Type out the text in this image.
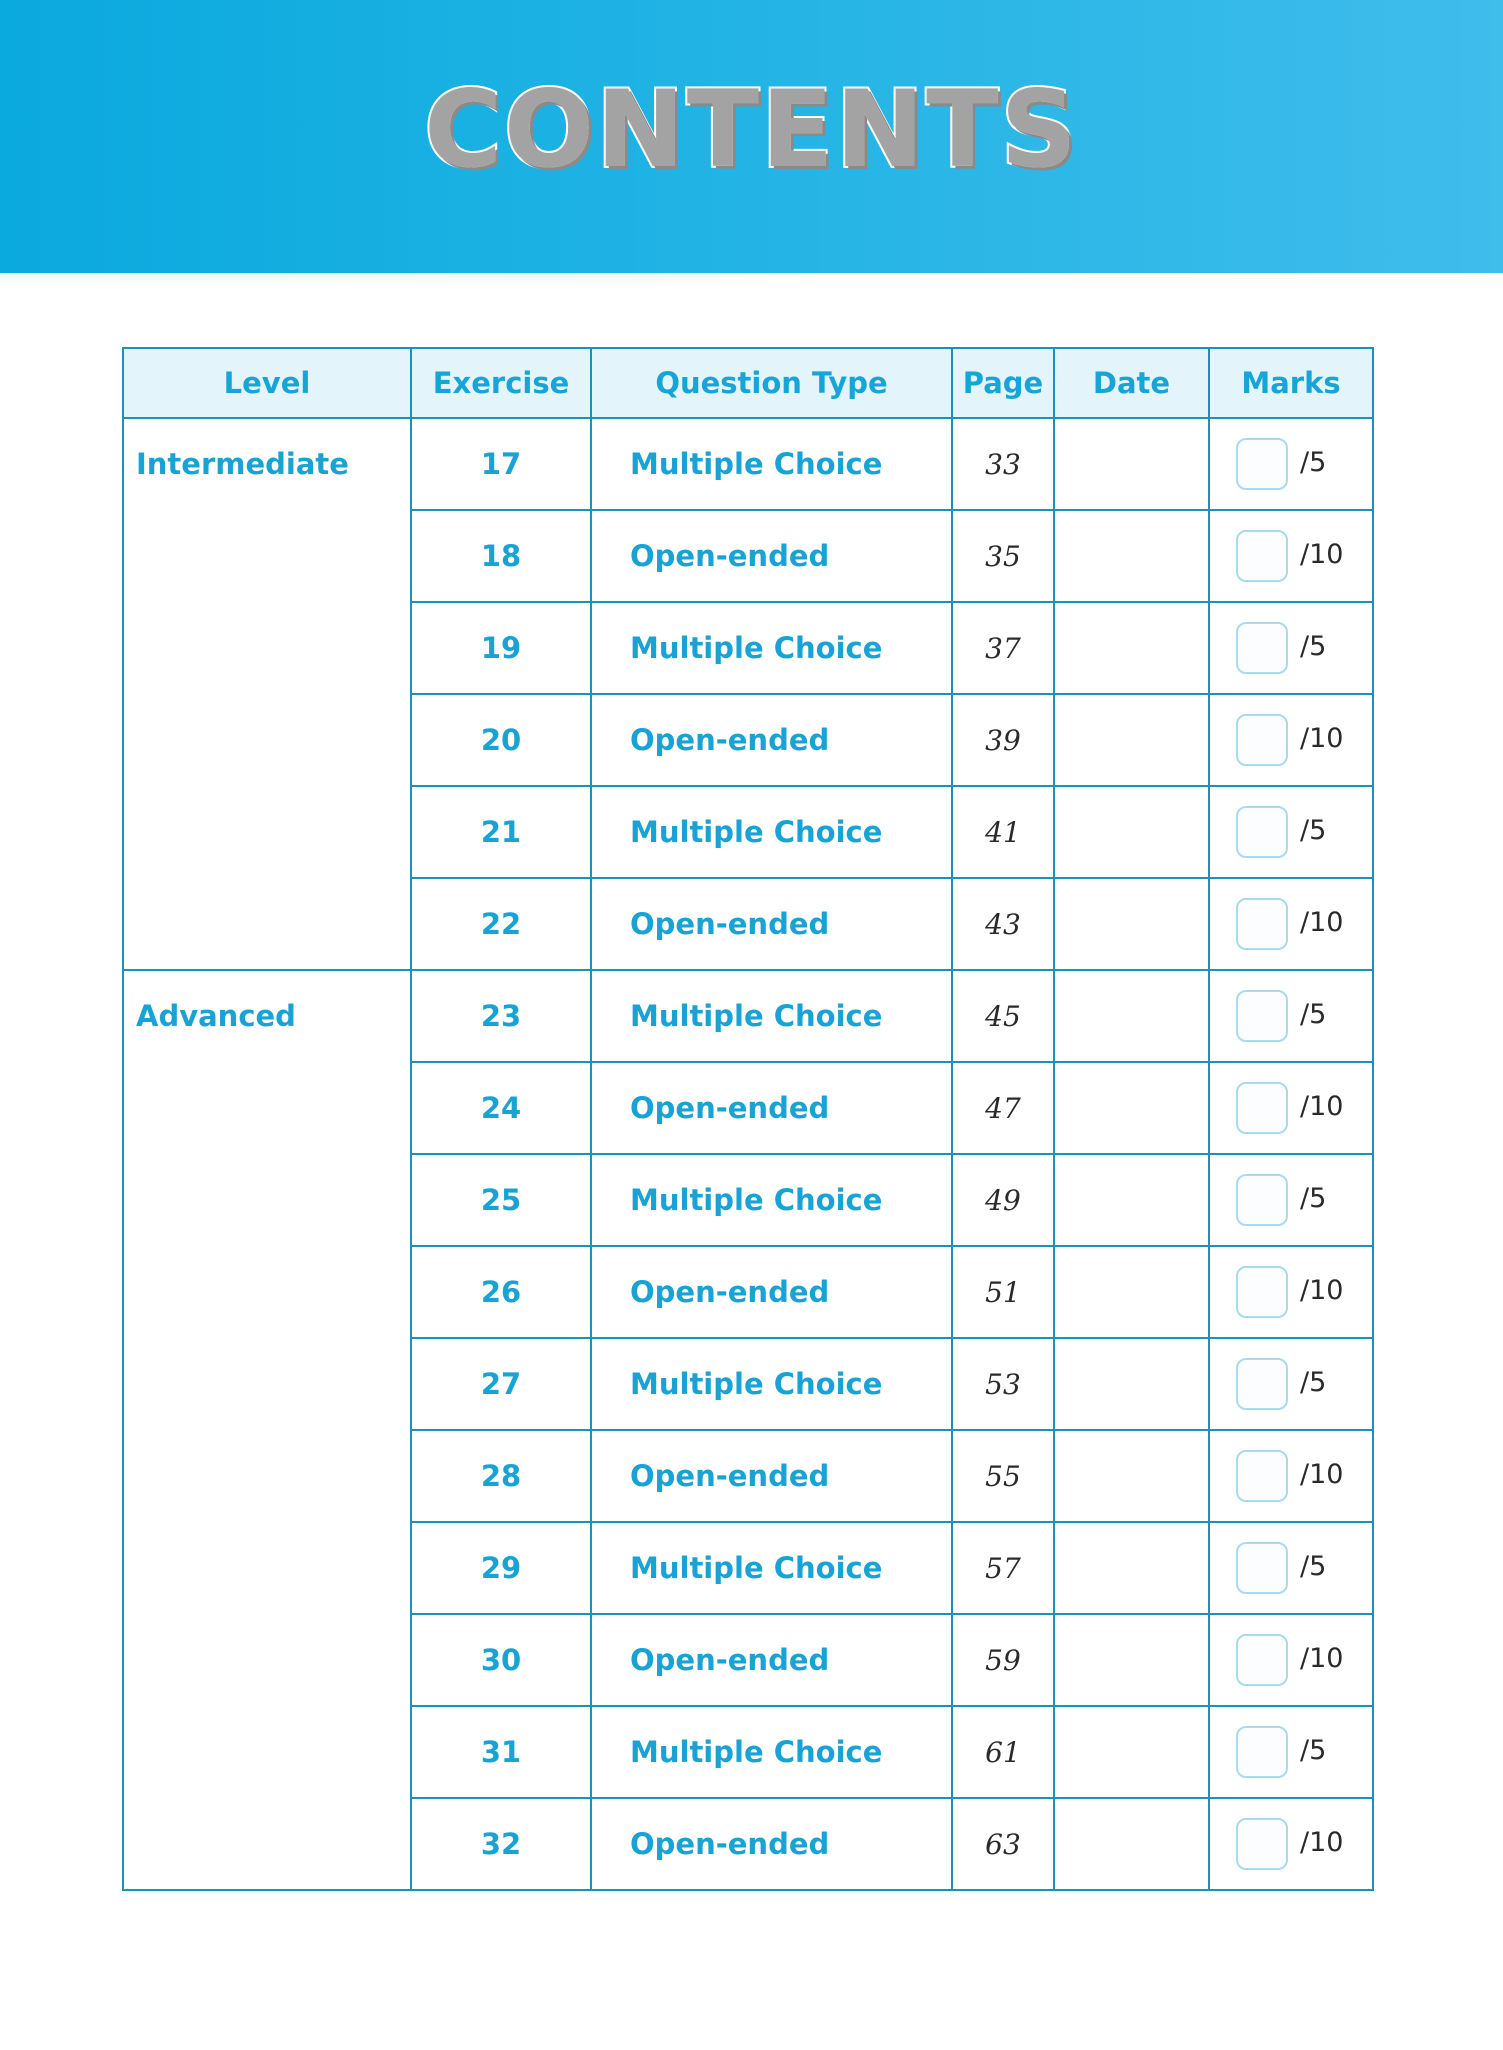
CONTENTS
Level	Exercise	Question Type	Page	Date	Marks
Intermediate	17	Multiple Choice	33		/5

	18	Open-ended	35		/10

	19	Multiple Choice	37		/5

	20	Open-ended	39		/10

	21	Multiple Choice	41		/5

	22	Open-ended	43		/10

Advanced	23	Multiple Choice	45		/5

	24	Open-ended	47		/10

	25	Multiple Choice	49		/5

	26	Open-ended	51		/10

	27	Multiple Choice	53		/5

	28	Open-ended	55		/10

	29	Multiple Choice	57		/5

	30	Open-ended	59		/10

	31	Multiple Choice	61		/5

	32	Open-ended	63		/10
